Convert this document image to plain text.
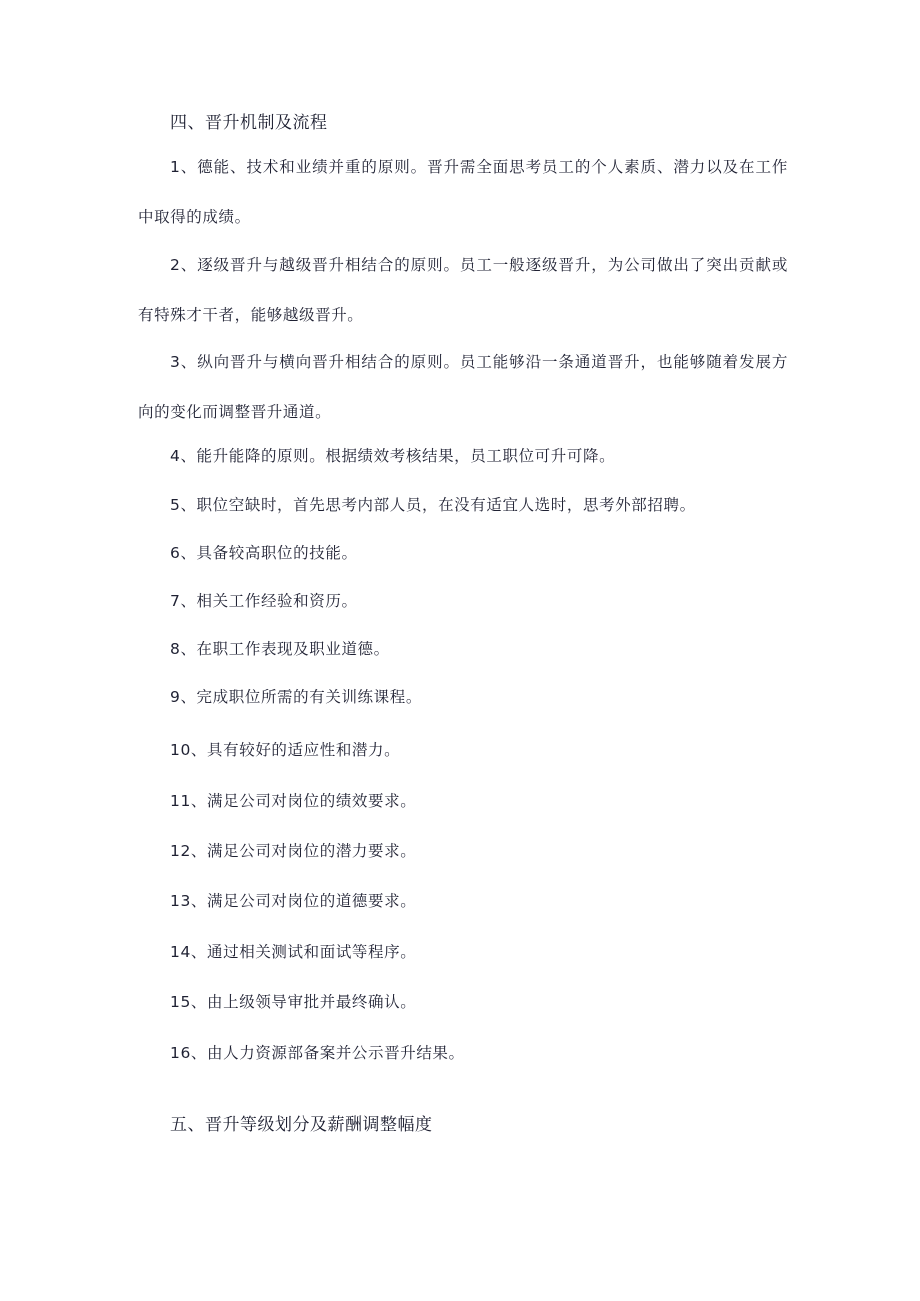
四、晋升机制及流程

1、德能、技术和业绩并重的原则。晋升需全面思考员工的个人素质、潜力以及在工作中取得的成绩。

2、逐级晋升与越级晋升相结合的原则。员工一般逐级晋升，为公司做出了突出贡献或有特殊才干者，能够越级晋升。

3、纵向晋升与横向晋升相结合的原则。员工能够沿一条通道晋升，也能够随着发展方向的变化而调整晋升通道。

4、能升能降的原则。根据绩效考核结果，员工职位可升可降。
5、职位空缺时，首先思考内部人员，在没有适宜人选时，思考外部招聘。
6、具备较高职位的技能。
7、相关工作经验和资历。
8、在职工作表现及职业道德。
9、完成职位所需的有关训练课程。
10、具有较好的适应性和潜力。
11、满足公司对岗位的绩效要求。
12、满足公司对岗位的潜力要求。
13、满足公司对岗位的道德要求。
14、通过相关测试和面试等程序。
15、由上级领导审批并最终确认。
16、由人力资源部备案并公示晋升结果。
五、晋升等级划分及薪酬调整幅度
